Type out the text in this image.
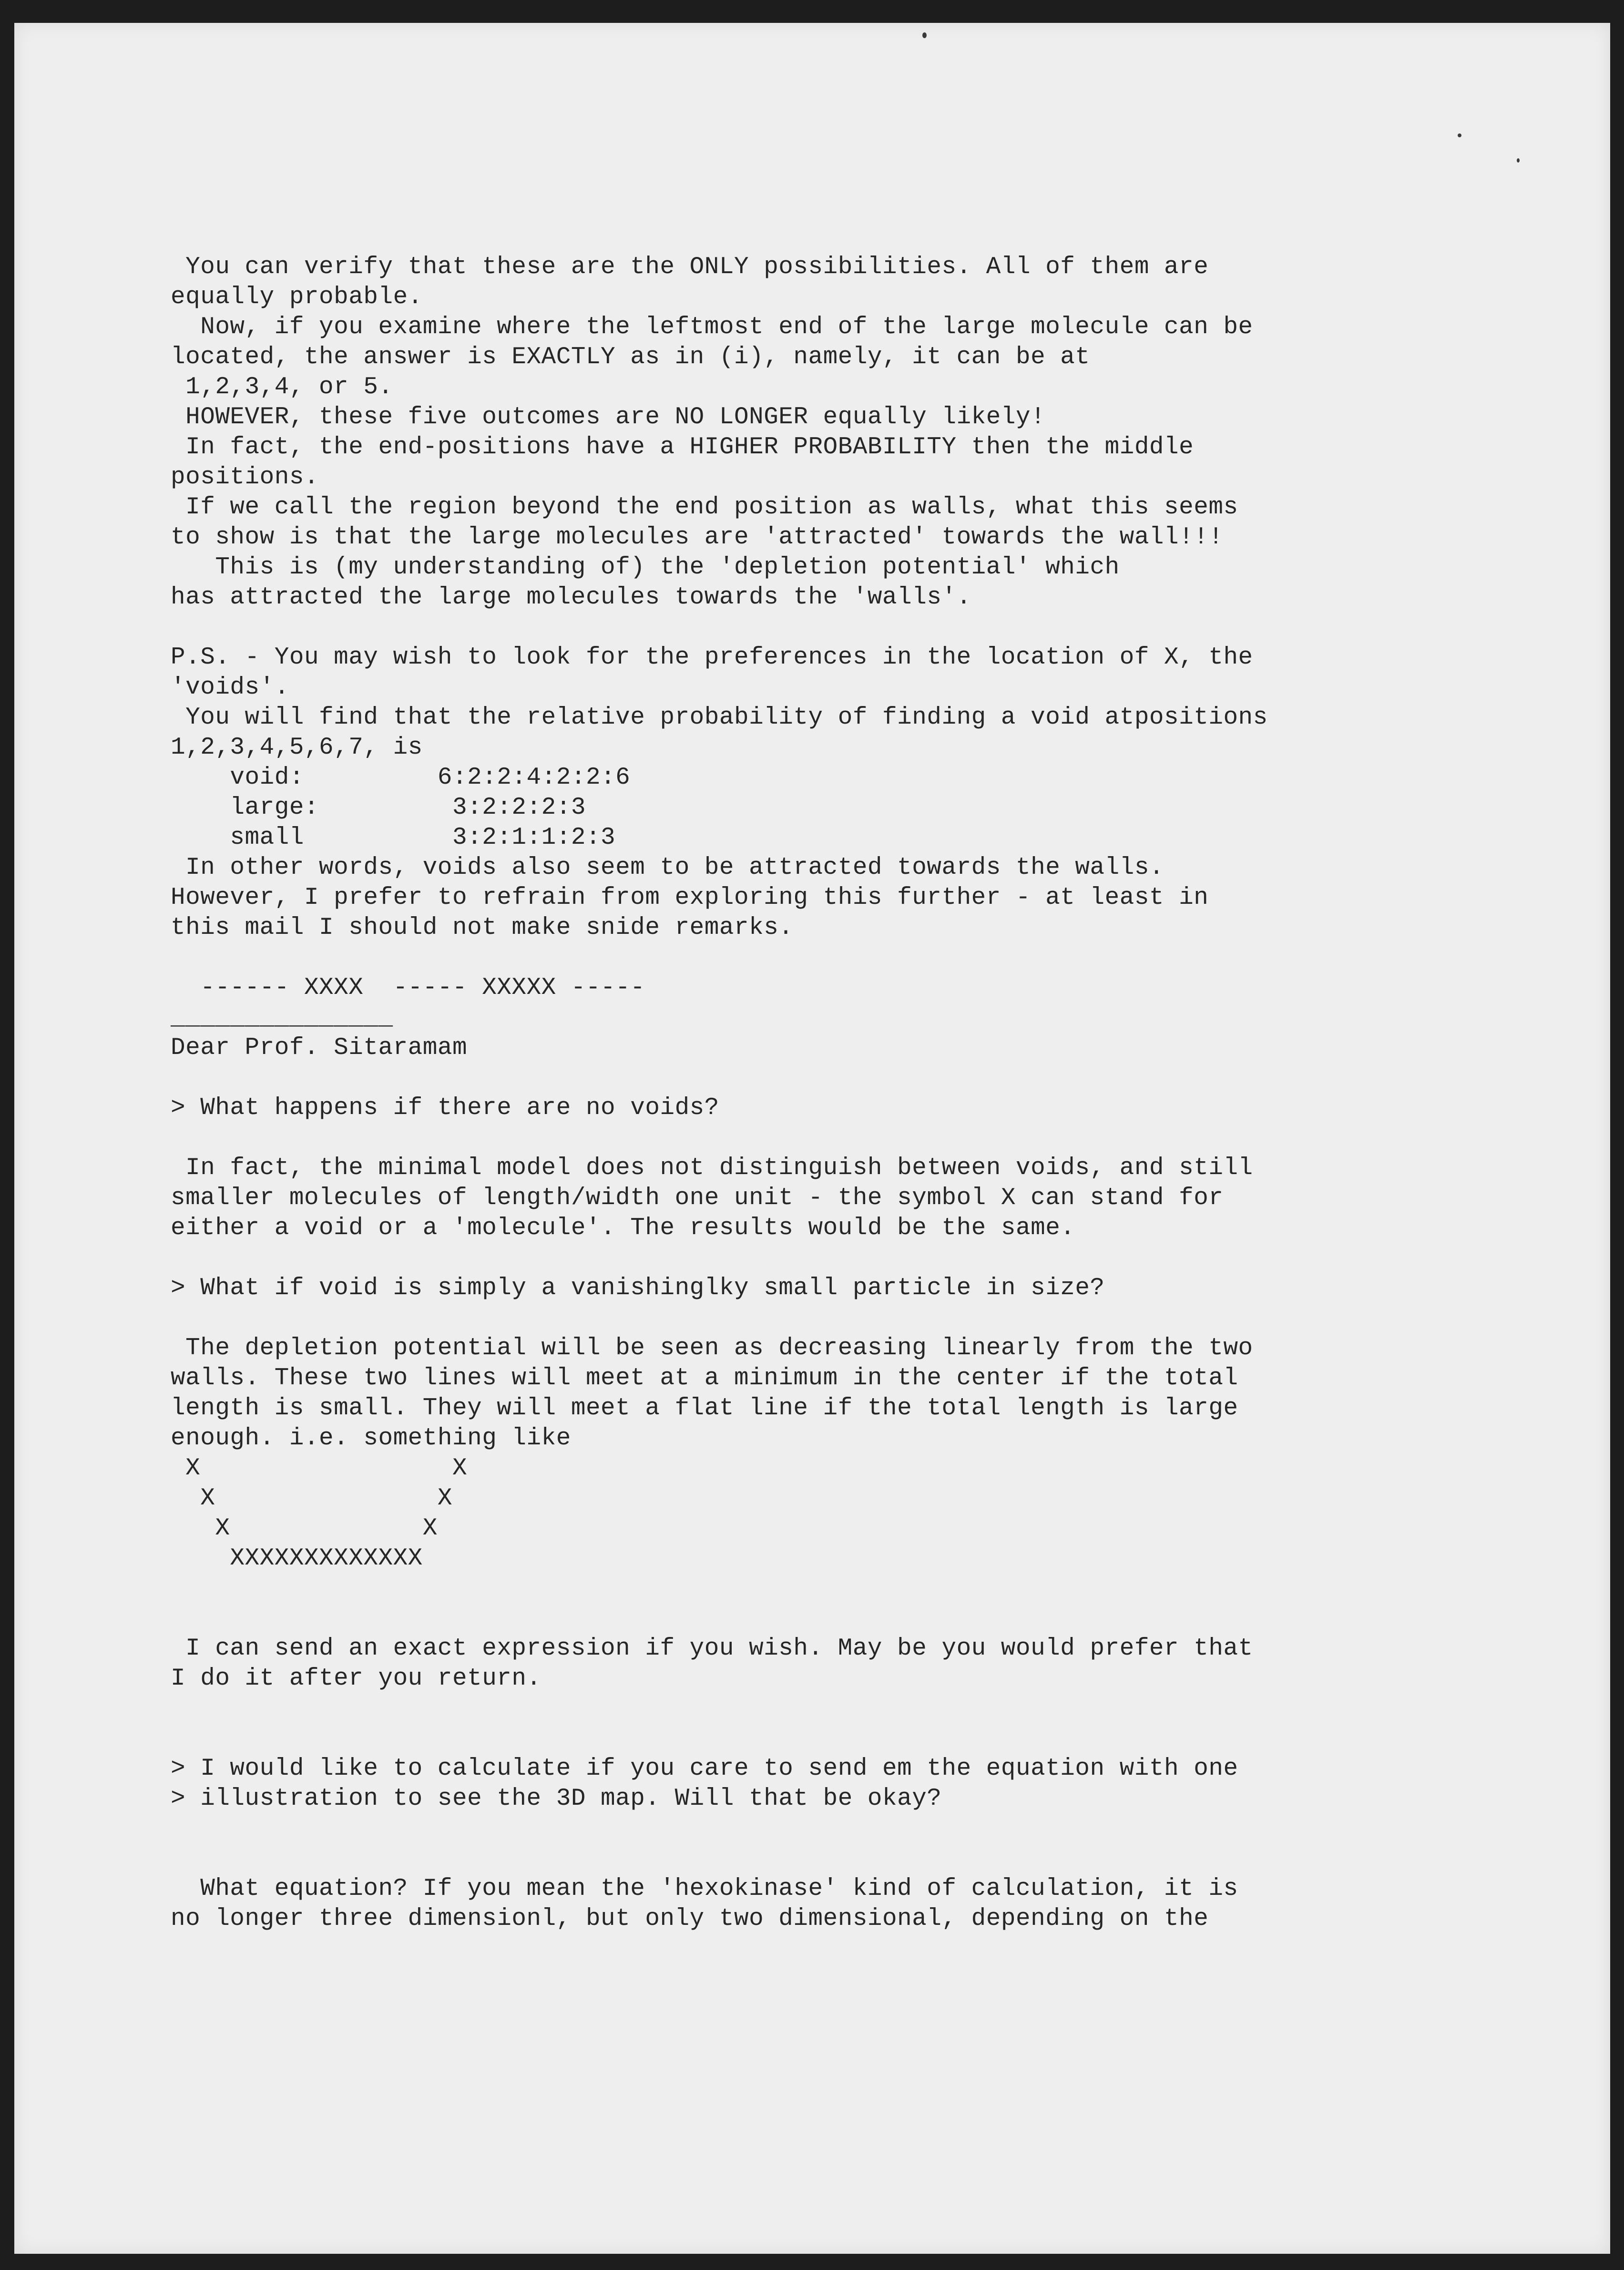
You can verify that these are the ONLY possibilities. All of them are
equally probable.
Now, if you examine where the leftmost end of the large molecule can be
located, the answer is EXACTLY as in (i), namely, it can be at
1,2,3,4, or 5.
HOWEVER, these five outcomes are NO LONGER equally likely!
In fact, the end-positions have a HIGHER PROBABILITY then the middle
positions.
If we call the region beyond the end position as walls, what this seems
to show is that the large molecules are 'attracted' towards the wall!!!
This is (my understanding of) the 'depletion potential' which
has attracted the large molecules towards the 'walls'.
P.S. - You may wish to look for the preferences in the location of X, the
'voids'.
You will find that the relative probability of finding a void atpositions
1,2,3,4,5,6,7, is
void:         6:2:2:4:2:2:6
large:         3:2:2:2:3
small          3:2:1:1:2:3
In other words, voids also seem to be attracted towards the walls.
However, I prefer to refrain from exploring this further - at least in
this mail I should not make snide remarks.
------ XXXX  ----- XXXXX -----
_______________
Dear Prof. Sitaramam
> What happens if there are no voids?
In fact, the minimal model does not distinguish between voids, and still
smaller molecules of length/width one unit - the symbol X can stand for
either a void or a 'molecule'. The results would be the same.
> What if void is simply a vanishinglky small particle in size?
The depletion potential will be seen as decreasing linearly from the two
walls. These two lines will meet at a minimum in the center if the total
length is small. They will meet a flat line if the total length is large
enough. i.e. something like
X                 X
X               X
X             X
XXXXXXXXXXXXX
I can send an exact expression if you wish. May be you would prefer that
I do it after you return.
> I would like to calculate if you care to send em the equation with one
> illustration to see the 3D map. Will that be okay?
What equation? If you mean the 'hexokinase' kind of calculation, it is
no longer three dimensionl, but only two dimensional, depending on the
